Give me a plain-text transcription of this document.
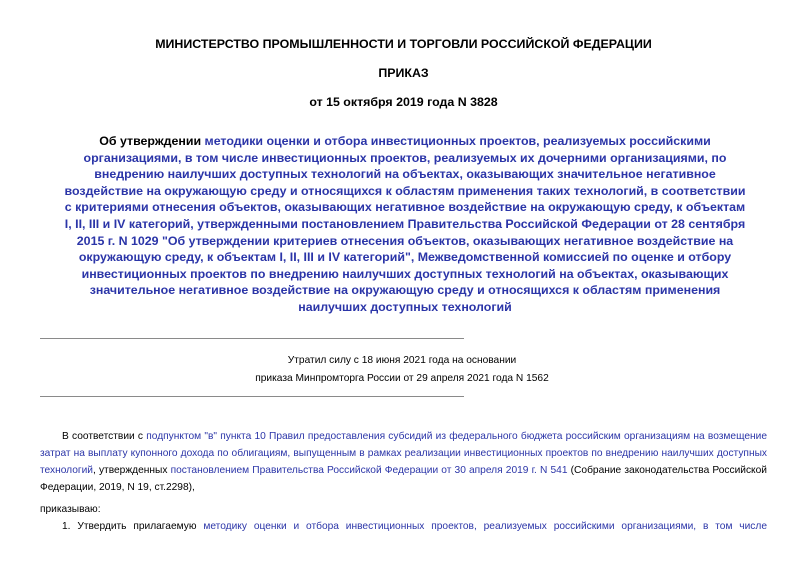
МИНИСТЕРСТВО ПРОМЫШЛЕННОСТИ И ТОРГОВЛИ РОССИЙСКОЙ ФЕДЕРАЦИИ
ПРИКАЗ
от 15 октября 2019 года N 3828
Об утверждении методики оценки и отбора инвестиционных проектов, реализуемых российскими организациями, в том числе инвестиционных проектов, реализуемых их дочерними организациями, по внедрению наилучших доступных технологий на объектах, оказывающих значительное негативное воздействие на окружающую среду и относящихся к областям применения таких технологий, в соответствии с критериями отнесения объектов, оказывающих негативное воздействие на окружающую среду, к объектам I, II, III и IV категорий, утвержденными постановлением Правительства Российской Федерации от 28 сентября 2015 г. N 1029 "Об утверждении критериев отнесения объектов, оказывающих негативное воздействие на окружающую среду, к объектам I, II, III и IV категорий", Межведомственной комиссией по оценке и отбору инвестиционных проектов по внедрению наилучших доступных технологий на объектах, оказывающих значительное негативное воздействие на окружающую среду и относящихся к областям применения наилучших доступных технологий
Утратил силу с 18 июня 2021 года на основании
приказа Минпромторга России от 29 апреля 2021 года N 1562
В соответствии с подпунктом "в" пункта 10 Правил предоставления субсидий из федерального бюджета российским организациям на возмещение затрат на выплату купонного дохода по облигациям, выпущенным в рамках реализации инвестиционных проектов по внедрению наилучших доступных технологий, утвержденных постановлением Правительства Российской Федерации от 30 апреля 2019 г. N 541 (Собрание законодательства Российской Федерации, 2019, N 19, ст.2298),
приказываю:
1. Утвердить прилагаемую методику оценки и отбора инвестиционных проектов, реализуемых российскими организациями, в том числе
